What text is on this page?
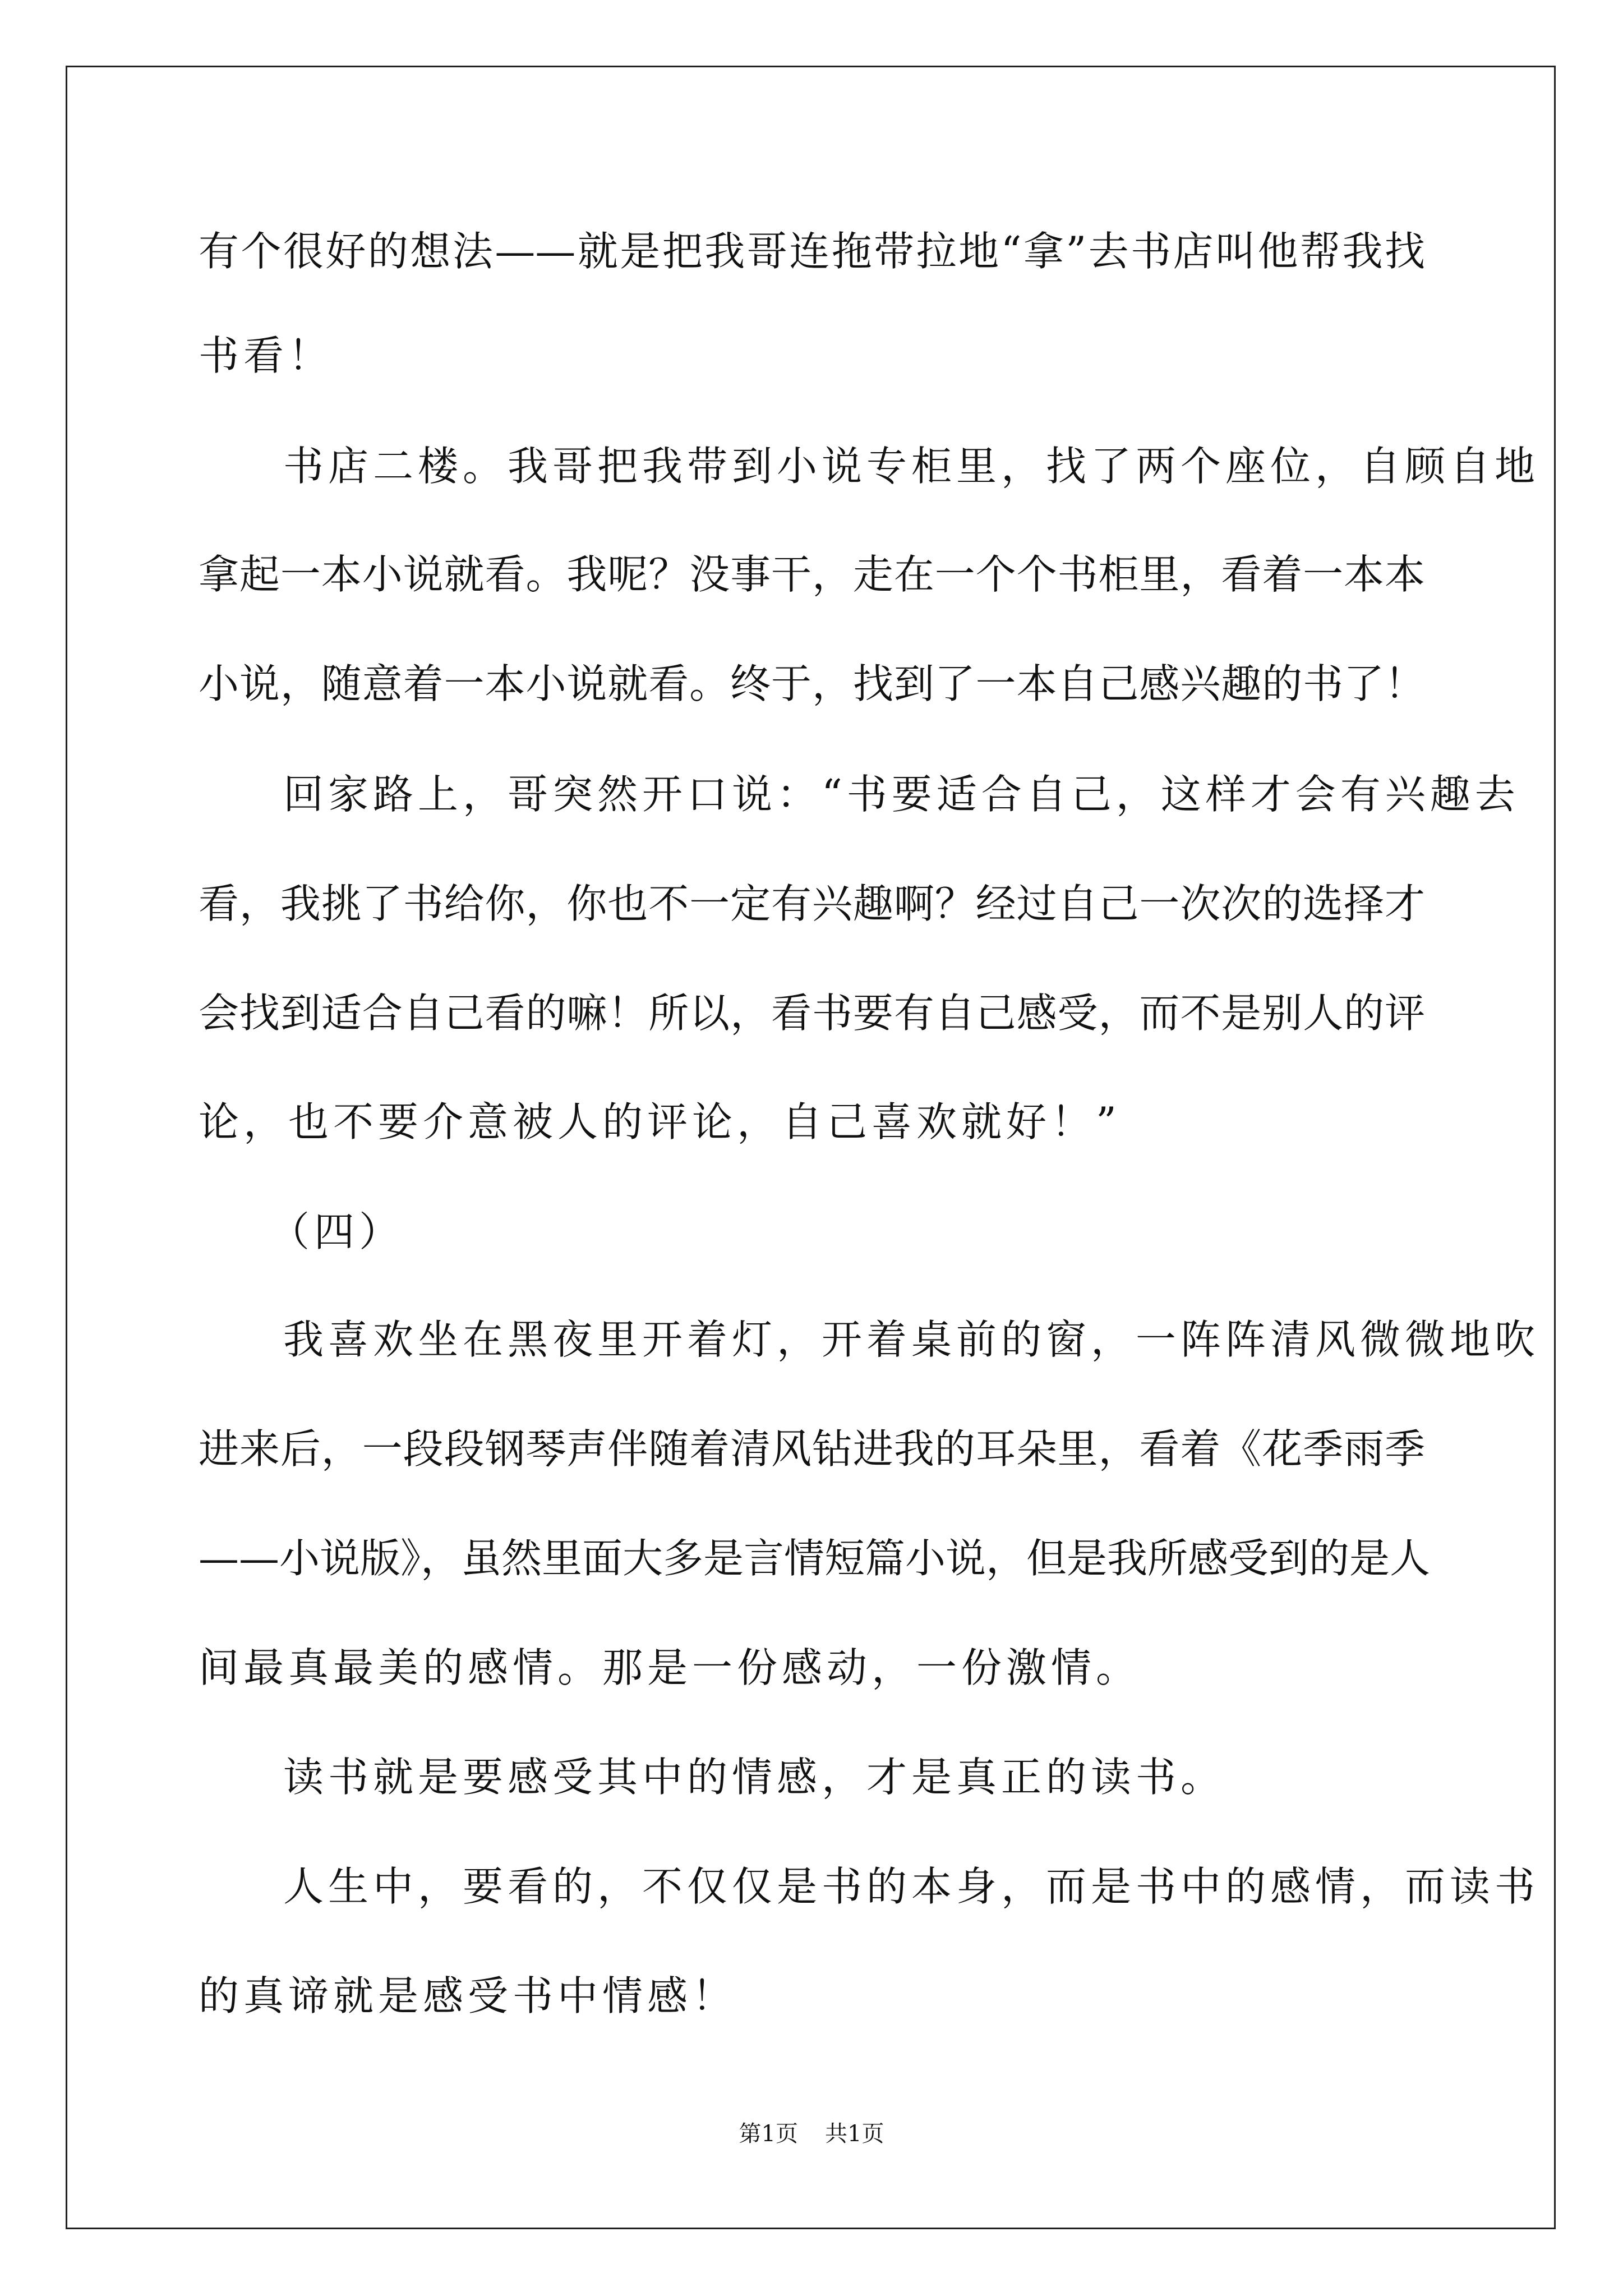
有个很好的想法——就是把我哥连拖带拉地“拿”去书店叫他帮我找
书看！
书店二楼。我哥把我带到小说专柜里，找了两个座位，自顾自地
拿起一本小说就看。我呢？没事干，走在一个个书柜里，看着一本本
小说，随意着一本小说就看。终于，找到了一本自己感兴趣的书了！
回家路上，哥突然开口说：“书要适合自己，这样才会有兴趣去
看，我挑了书给你，你也不一定有兴趣啊？经过自己一次次的选择才
会找到适合自己看的嘛！所以，看书要有自己感受，而不是别人的评
论，也不要介意被人的评论，自己喜欢就好！”
（四）
我喜欢坐在黑夜里开着灯，开着桌前的窗，一阵阵清风微微地吹
进来后，一段段钢琴声伴随着清风钻进我的耳朵里，看着《花季雨季
——小说版》，虽然里面大多是言情短篇小说，但是我所感受到的是人
间最真最美的感情。那是一份感动，一份激情。
读书就是要感受其中的情感，才是真正的读书。
人生中，要看的，不仅仅是书的本身，而是书中的感情，而读书
的真谛就是感受书中情感！
第1页 共1页
